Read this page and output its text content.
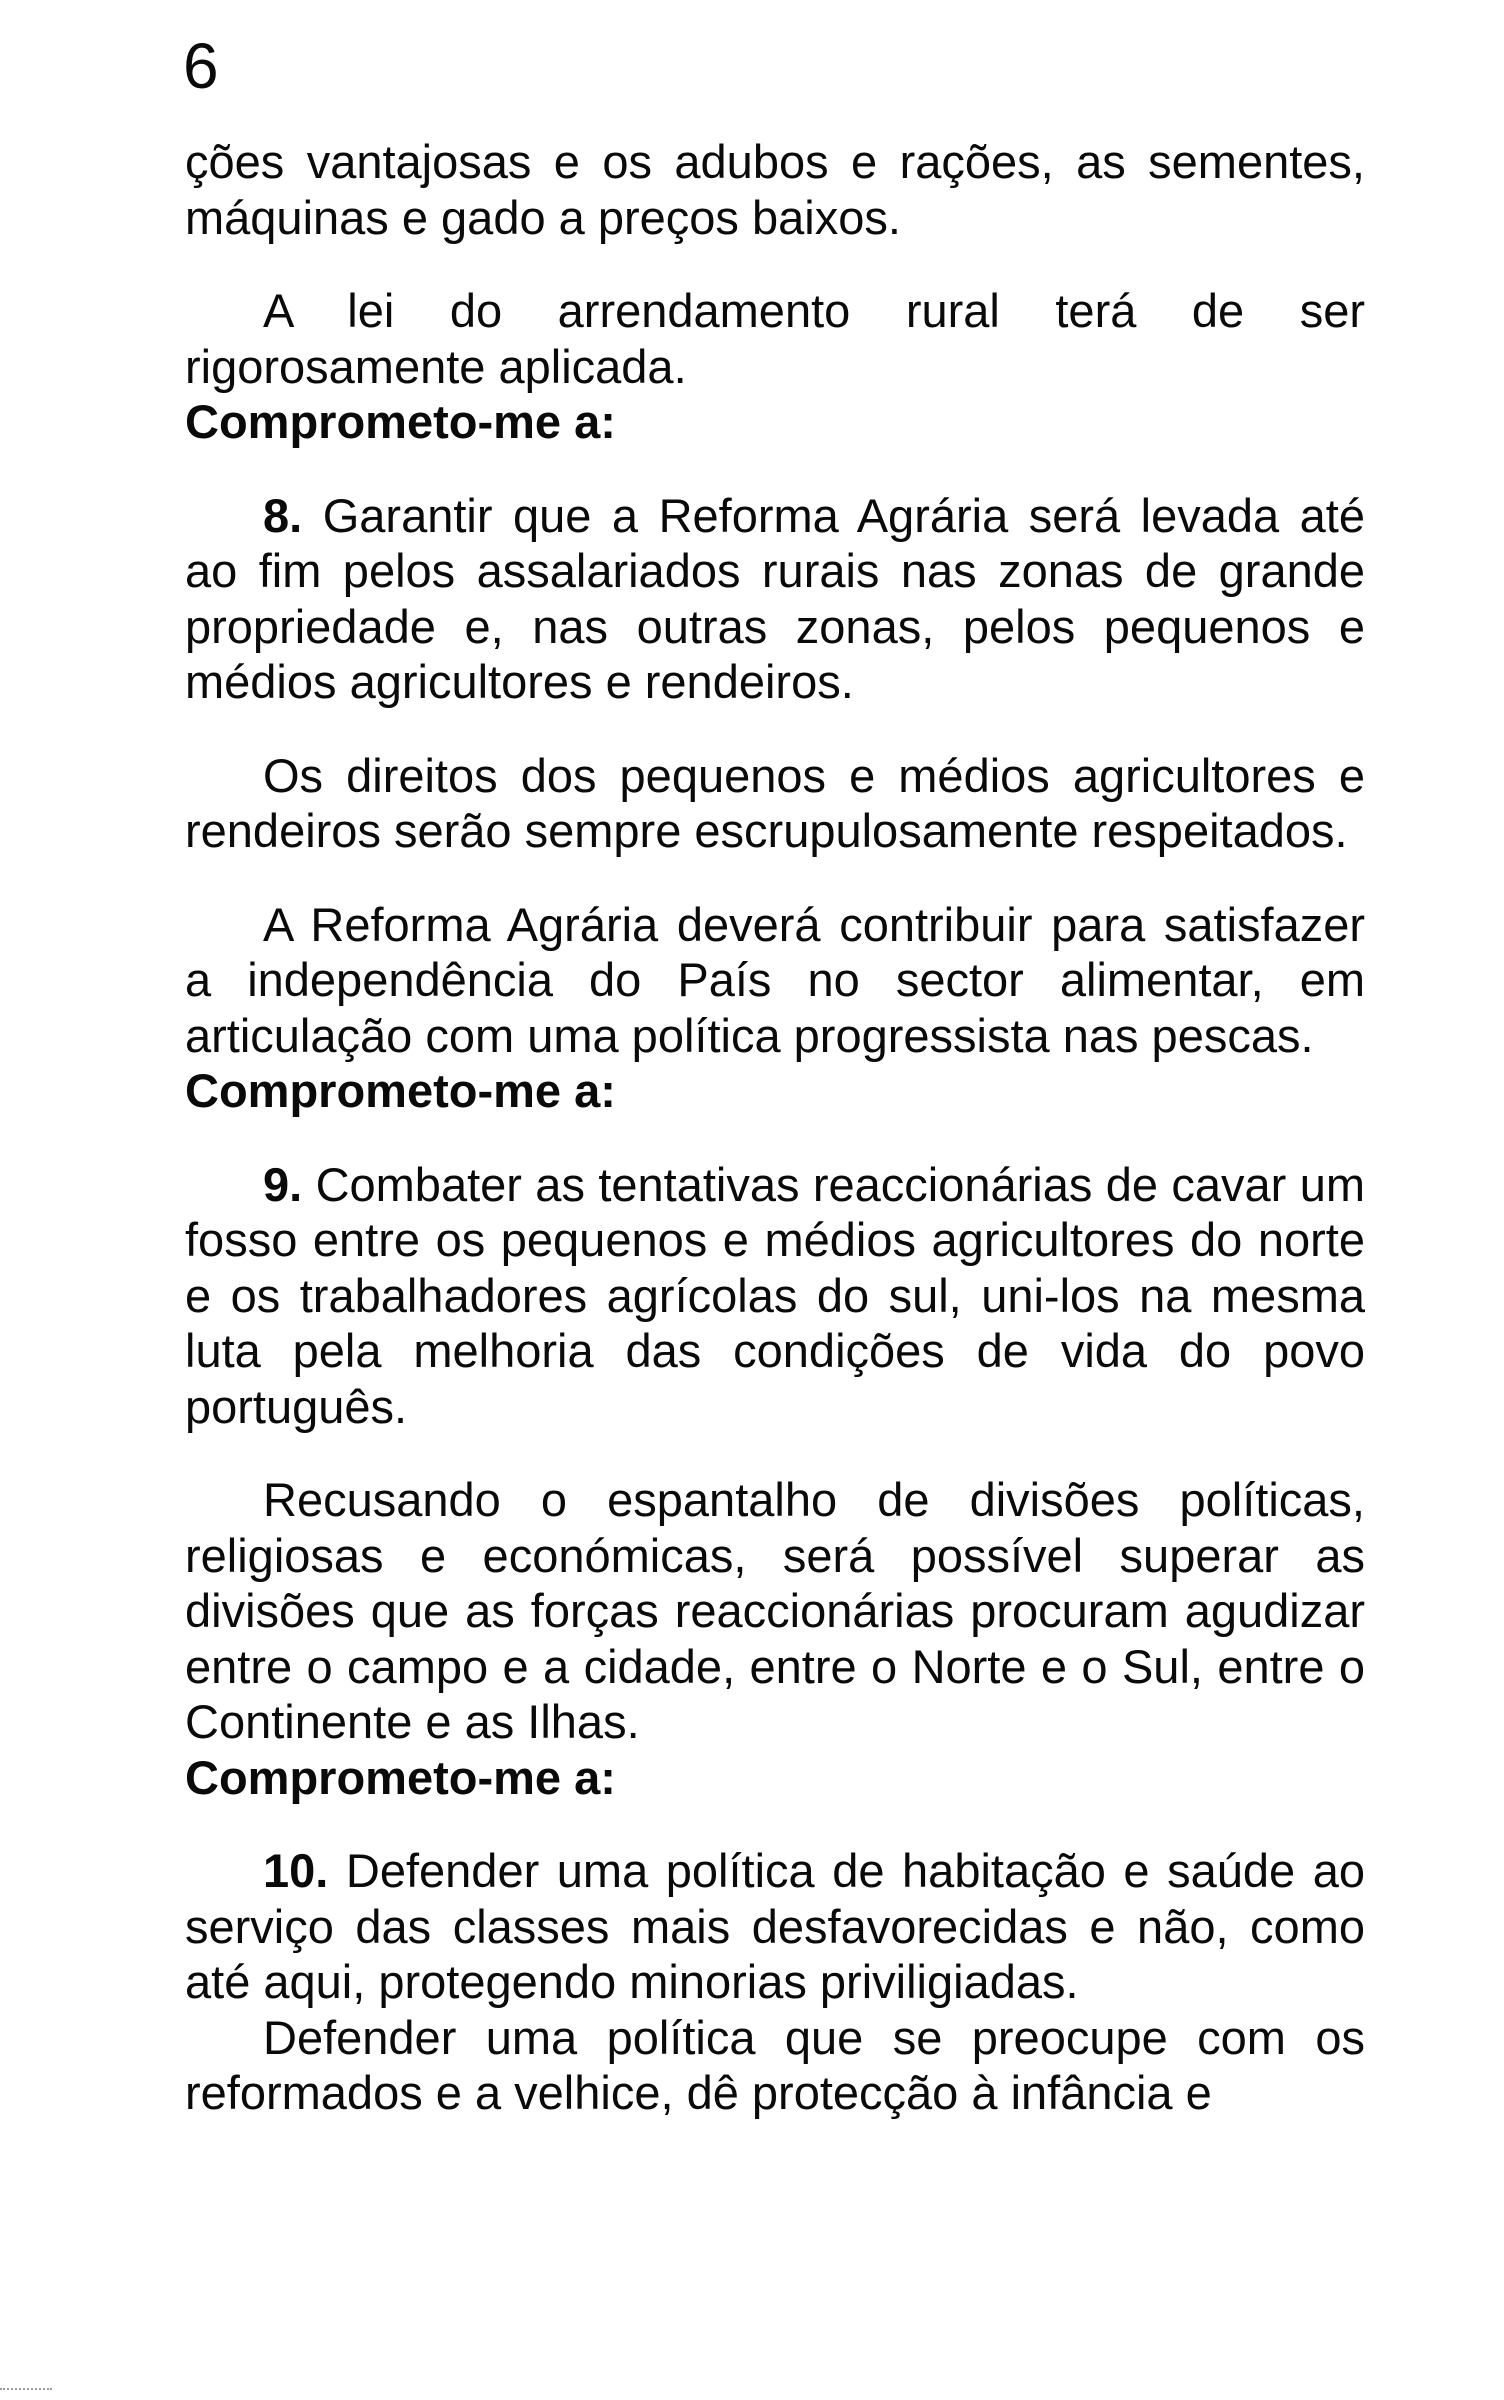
6

ções vantajosas e os adubos e rações, as sementes, máquinas e gado a preços baixos.

A lei do arrendamento rural terá de ser rigorosamente aplicada.

Comprometo-me a:

8. Garantir que a Reforma Agrária será levada até ao fim pelos assalariados rurais nas zonas de grande propriedade e, nas outras zonas, pelos pequenos e médios agricultores e rendeiros.

Os direitos dos pequenos e médios agricultores e rendeiros serão sempre escrupulosamente respeitados.

A Reforma Agrária deverá contribuir para satisfazer a independência do País no sector alimentar, em articulação com uma política progressista nas pescas.

Comprometo-me a:

9. Combater as tentativas reaccionárias de cavar um fosso entre os pequenos e médios agricultores do norte e os trabalhadores agrícolas do sul, uni-los na mesma luta pela melhoria das condições de vida do povo português.

Recusando o espantalho de divisões políticas, religiosas e económicas, será possível superar as divisões que as forças reaccionárias procuram agudizar entre o campo e a cidade, entre o Norte e o Sul, entre o Continente e as Ilhas.

Comprometo-me a:

10. Defender uma política de habitação e saúde ao serviço das classes mais desfavorecidas e não, como até aqui, protegendo minorias priviligiadas.

Defender uma política que se preocupe com os reformados e a velhice, dê protecção à infância e
